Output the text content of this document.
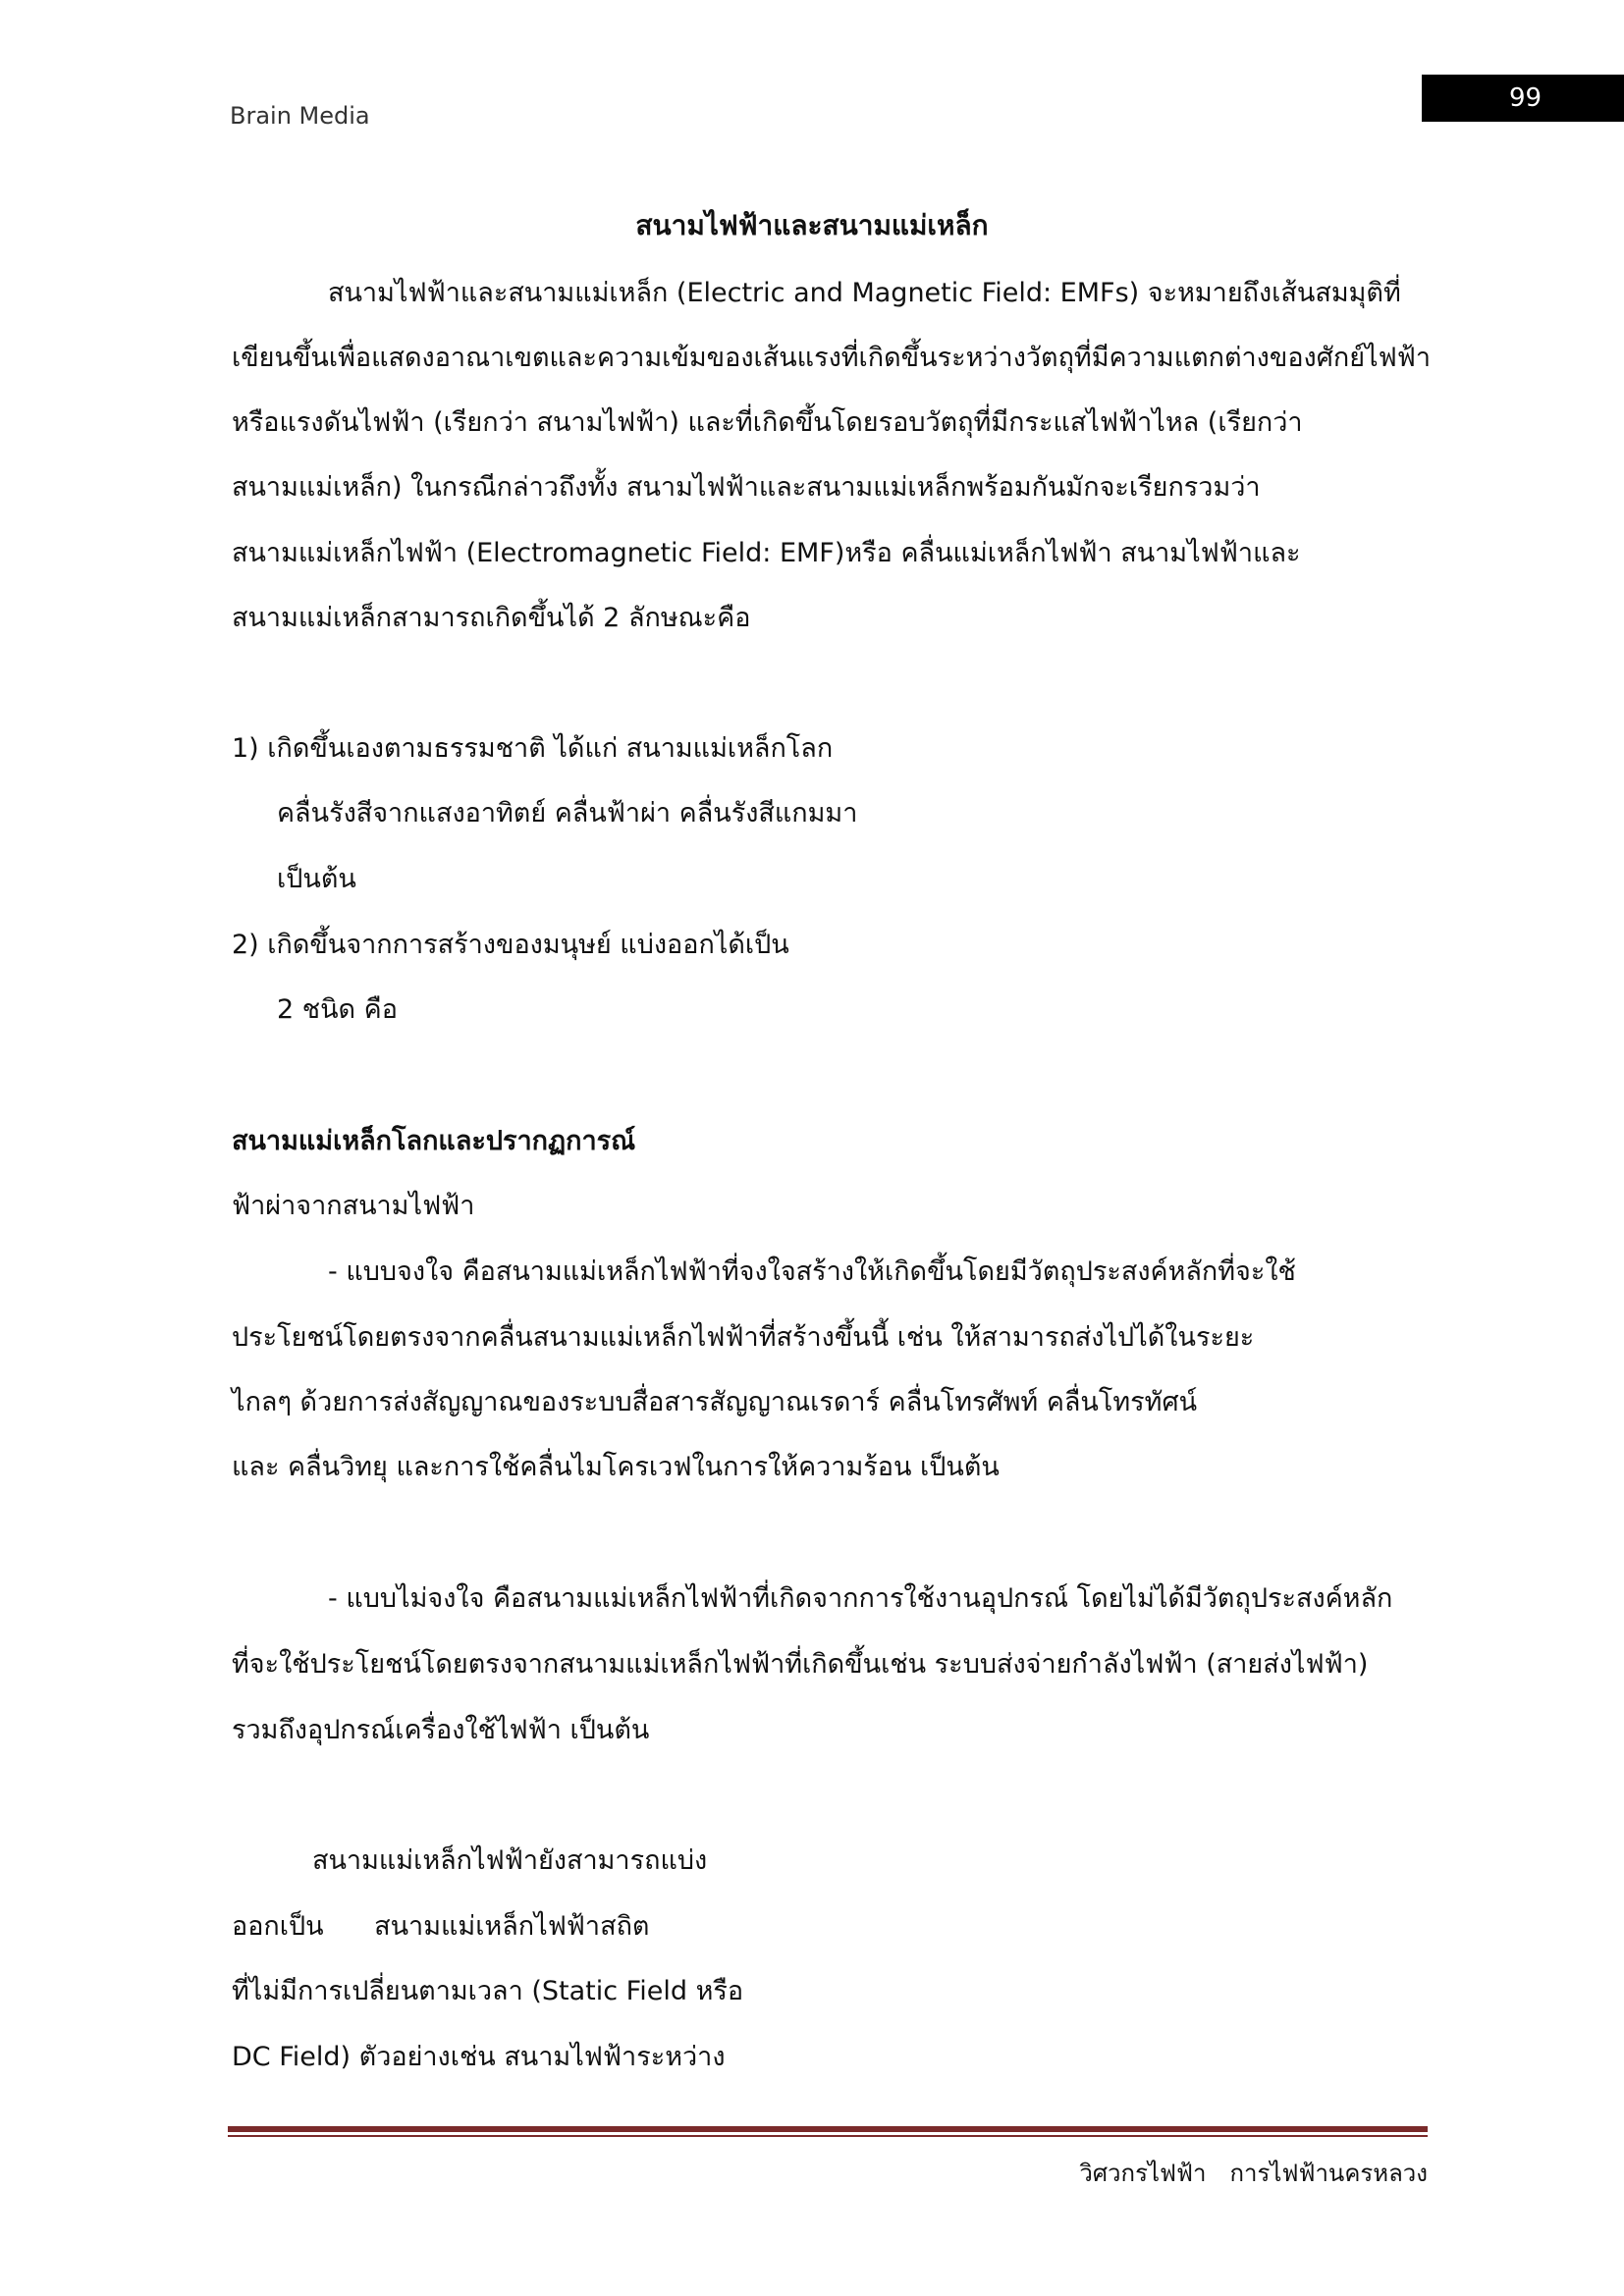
Brain Media
99
สนามไฟฟ้าและสนามแม่เหล็ก
สนามไฟฟ้าและสนามแม่เหล็ก (Electric and Magnetic Field: EMFs) จะหมายถึงเส้นสมมุติที่
เขียนขึ้นเพื่อแสดงอาณาเขตและความเข้มของเส้นแรงที่เกิดขึ้นระหว่างวัตถุที่มีความแตกต่างของศักย์ไฟฟ้า
หรือแรงดันไฟฟ้า (เรียกว่า สนามไฟฟ้า) และที่เกิดขึ้นโดยรอบวัตถุที่มีกระแสไฟฟ้าไหล (เรียกว่า
สนามแม่เหล็ก) ในกรณีกล่าวถึงทั้ง สนามไฟฟ้าและสนามแม่เหล็กพร้อมกันมักจะเรียกรวมว่า
สนามแม่เหล็กไฟฟ้า (Electromagnetic Field: EMF)หรือ คลื่นแม่เหล็กไฟฟ้า สนามไฟฟ้าและ
สนามแม่เหล็กสามารถเกิดขึ้นได้ 2 ลักษณะคือ
1) เกิดขึ้นเองตามธรรมชาติ ได้แก่ สนามแม่เหล็กโลก
คลื่นรังสีจากแสงอาทิตย์ คลื่นฟ้าผ่า คลื่นรังสีแกมมา
เป็นต้น
2) เกิดขึ้นจากการสร้างของมนุษย์ แบ่งออกได้เป็น
2 ชนิด คือ
สนามแม่เหล็กโลกและปรากฏการณ์
ฟ้าผ่าจากสนามไฟฟ้า
- แบบจงใจ คือสนามแม่เหล็กไฟฟ้าที่จงใจสร้างให้เกิดขึ้นโดยมีวัตถุประสงค์หลักที่จะใช้
ประโยชน์โดยตรงจากคลื่นสนามแม่เหล็กไฟฟ้าที่สร้างขึ้นนี้ เช่น ให้สามารถส่งไปได้ในระยะ
ไกลๆ ด้วยการส่งสัญญาณของระบบสื่อสารสัญญาณเรดาร์ คลื่นโทรศัพท์ คลื่นโทรทัศน์
และ คลื่นวิทยุ และการใช้คลื่นไมโครเวฟในการให้ความร้อน เป็นต้น
- แบบไม่จงใจ คือสนามแม่เหล็กไฟฟ้าที่เกิดจากการใช้งานอุปกรณ์ โดยไม่ได้มีวัตถุประสงค์หลัก
ที่จะใช้ประโยชน์โดยตรงจากสนามแม่เหล็กไฟฟ้าที่เกิดขึ้นเช่น ระบบส่งจ่ายกำลังไฟฟ้า (สายส่งไฟฟ้า)
รวมถึงอุปกรณ์เครื่องใช้ไฟฟ้า เป็นต้น
สนามแม่เหล็กไฟฟ้ายังสามารถแบ่ง
ออกเป็น      สนามแม่เหล็กไฟฟ้าสถิต
ที่ไม่มีการเปลี่ยนตามเวลา (Static Field หรือ
DC Field) ตัวอย่างเช่น สนามไฟฟ้าระหว่าง
วิศวกรไฟฟ้า การไฟฟ้านครหลวง
